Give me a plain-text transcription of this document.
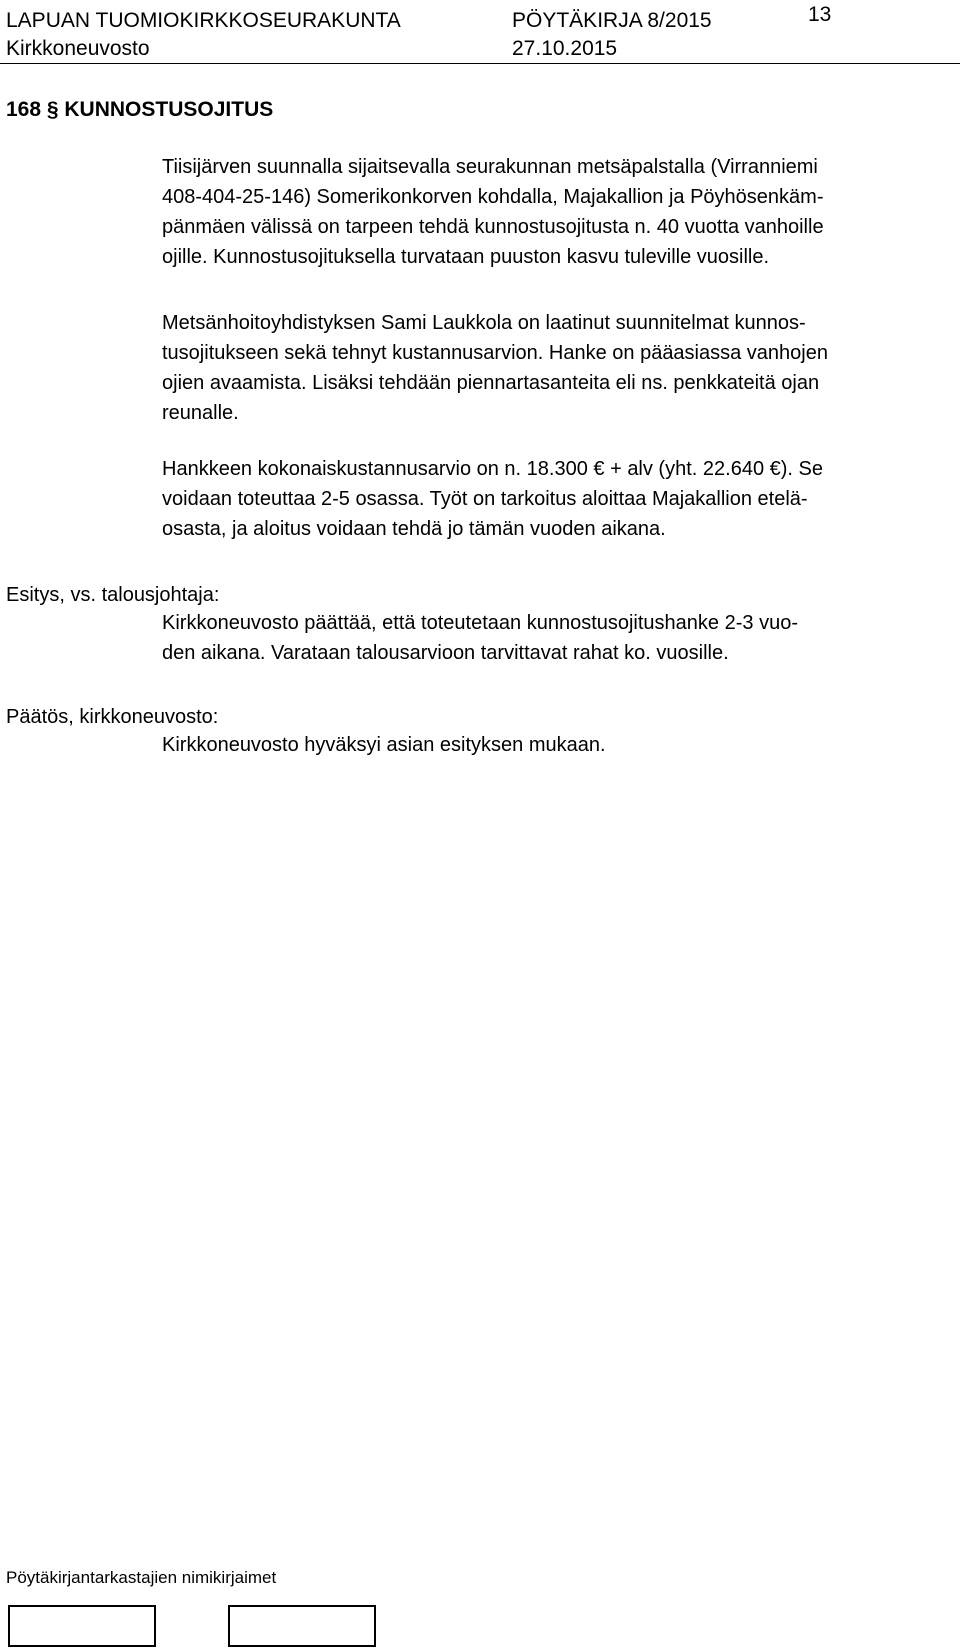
LAPUAN TUOMIOKIRKKOSEURAKUNTA	PÖYTÄKIRJA 8/2015	13
Kirkkoneuvosto	27.10.2015
168 § KUNNOSTUSOJITUS
Tiisijärven suunnalla sijaitsevalla seurakunnan metsäpalstalla (Virranniemi
408-404-25-146) Somerikonkorven kohdalla, Majakallion ja Pöyhösenkäm-
pänmäen välissä on tarpeen tehdä kunnostusojitusta n. 40 vuotta vanhoille
ojille. Kunnostusojituksella turvataan puuston kasvu tuleville vuosille.
Metsänhoitoyhdistyksen Sami Laukkola on laatinut suunnitelmat kunnos-
tusojitukseen sekä tehnyt kustannusarvion. Hanke on pääasiassa vanhojen
ojien avaamista. Lisäksi tehdään piennartasanteita eli ns. penkkateitä ojan
reunalle.
Hankkeen kokonaiskustannusarvio on n. 18.300 € + alv (yht. 22.640 €). Se
voidaan toteuttaa 2-5 osassa. Työt on tarkoitus aloittaa Majakallion etelä-
osasta, ja aloitus voidaan tehdä jo tämän vuoden aikana.
Esitys, vs. talousjohtaja:
Kirkkoneuvosto päättää, että toteutetaan kunnostusojitushanke 2-3 vuo-
den aikana. Varataan talousarvioon tarvittavat rahat ko. vuosille.
Päätös, kirkkoneuvosto:
Kirkkoneuvosto hyväksyi asian esityksen mukaan.
Pöytäkirjantarkastajien nimikirjaimet
